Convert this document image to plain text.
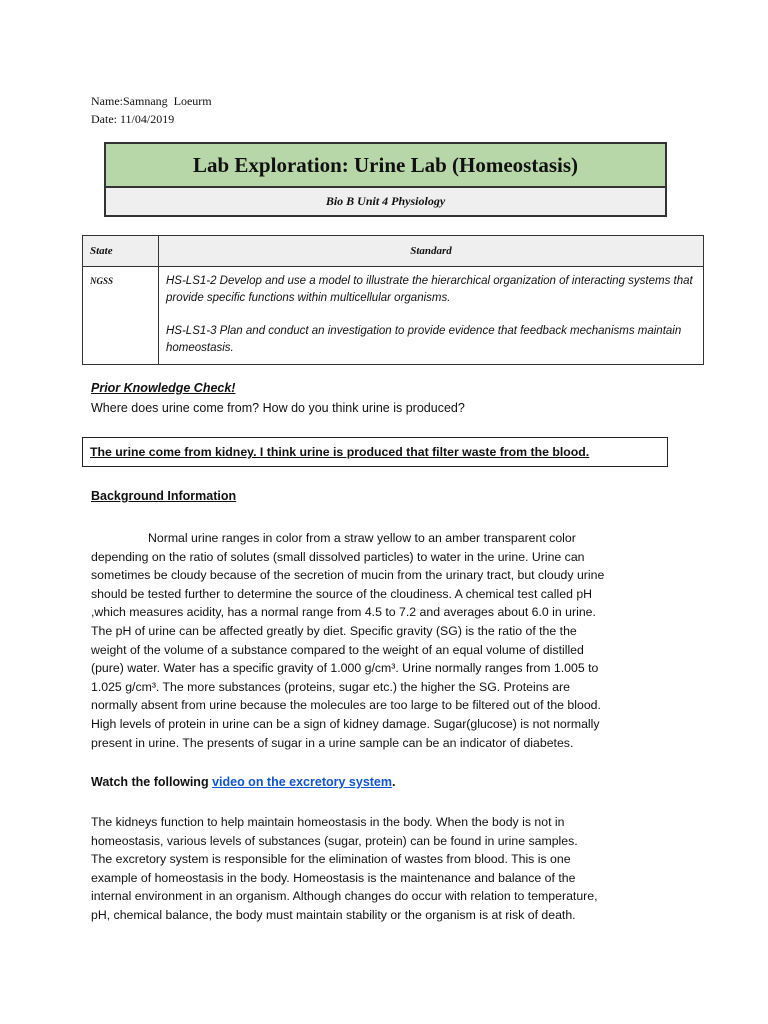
Name:Samnang  Loeurm
Date: 11/04/2019
Lab Exploration: Urine Lab (Homeostasis)
Bio B Unit 4 Physiology
State	Standard
NGSS	HS-LS1-2 Develop and use a model to illustrate the hierarchical organization of interacting systems that provide specific functions within multicellular organisms.

HS-LS1-3 Plan and conduct an investigation to provide evidence that feedback mechanisms maintain homeostasis.

Prior Knowledge Check!
Where does urine come from? How do you think urine is produced?
The urine come from kidney. I think urine is produced that filter waste from the blood.
Background Information

Normal urine ranges in color from a straw yellow to an amber transparent color
depending on the ratio of solutes (small dissolved particles) to water in the urine. Urine can
sometimes be cloudy because of the secretion of mucin from the urinary tract, but cloudy urine
should be tested further to determine the source of the cloudiness. A chemical test called pH
,which measures acidity, has a normal range from 4.5 to 7.2 and averages about 6.0 in urine.
The pH of urine can be affected greatly by diet. Specific gravity (SG) is the ratio of the the
weight of the volume of a substance compared to the weight of an equal volume of distilled
(pure) water. Water has a specific gravity of 1.000 g/cm³. Urine normally ranges from 1.005 to
1.025 g/cm³. The more substances (proteins, sugar etc.) the higher the SG. Proteins are
normally absent from urine because the molecules are too large to be filtered out of the blood.
High levels of protein in urine can be a sign of kidney damage. Sugar(glucose) is not normally
present in urine. The presents of sugar in a urine sample can be an indicator of diabetes.

Watch the following video on the excretory system.

The kidneys function to help maintain homeostasis in the body. When the body is not in
homeostasis, various levels of substances (sugar, protein) can be found in urine samples.
The excretory system is responsible for the elimination of wastes from blood. This is one
example of homeostasis in the body. Homeostasis is the maintenance and balance of the
internal environment in an organism. Although changes do occur with relation to temperature,
pH, chemical balance, the body must maintain stability or the organism is at risk of death.
